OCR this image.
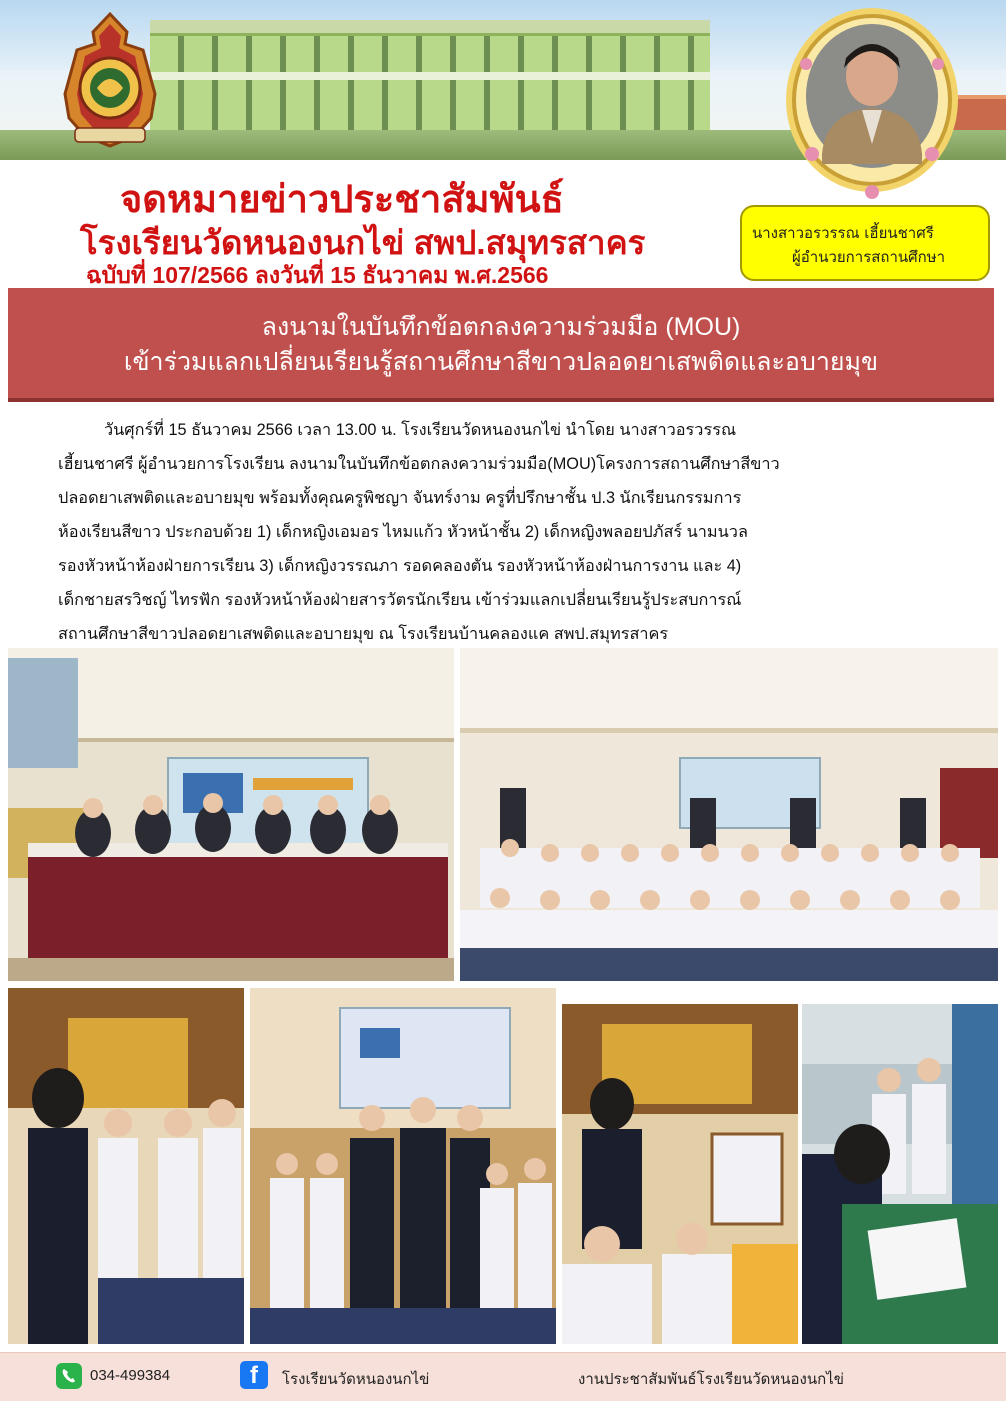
จดหมายข่าวประชาสัมพันธ์
โรงเรียนวัดหนองนกไข่ สพป.สมุทรสาคร
ฉบับที่ 107/2566 ลงวันที่ 15 ธันวาคม พ.ศ.2566
นางสาวอรวรรณ เฮี้ยนชาศรี
ผู้อำนวยการสถานศึกษา
ลงนามในบันทึกข้อตกลงความร่วมมือ (MOU)
เข้าร่วมแลกเปลี่ยนเรียนรู้สถานศึกษาสีขาวปลอดยาเสพติดและอบายมุข
วันศุกร์ที่ 15 ธันวาคม 2566 เวลา 13.00 น. โรงเรียนวัดหนองนกไข่ นำโดย นางสาวอรวรรณ
เฮี้ยนชาศรี ผู้อำนวยการโรงเรียน ลงนามในบันทึกข้อตกลงความร่วมมือ(MOU)โครงการสถานศึกษาสีขาว
ปลอดยาเสพติดและอบายมุข พร้อมทั้งคุณครูพิชญา จันทร์งาม ครูที่ปรึกษาชั้น ป.3 นักเรียนกรรมการ
ห้องเรียนสีขาว ประกอบด้วย 1) เด็กหญิงเอมอร ไหมแก้ว หัวหน้าชั้น 2) เด็กหญิงพลอยปภัสร์ นามนวล
รองหัวหน้าห้องฝ่ายการเรียน 3) เด็กหญิงวรรณภา รอดคลองตัน รองหัวหน้าห้องฝ่านการงาน และ 4)
เด็กชายสรวิชญ์ ไทรฟัก รองหัวหน้าห้องฝ่ายสารวัตรนักเรียน เข้าร่วมแลกเปลี่ยนเรียนรู้ประสบการณ์
สถานศึกษาสีขาวปลอดยาเสพติดและอบายมุข ณ โรงเรียนบ้านคลองแค สพป.สมุทรสาคร
034-499384	f	โรงเรียนวัดหนองนกไข่	งานประชาสัมพันธ์โรงเรียนวัดหนองนกไข่
